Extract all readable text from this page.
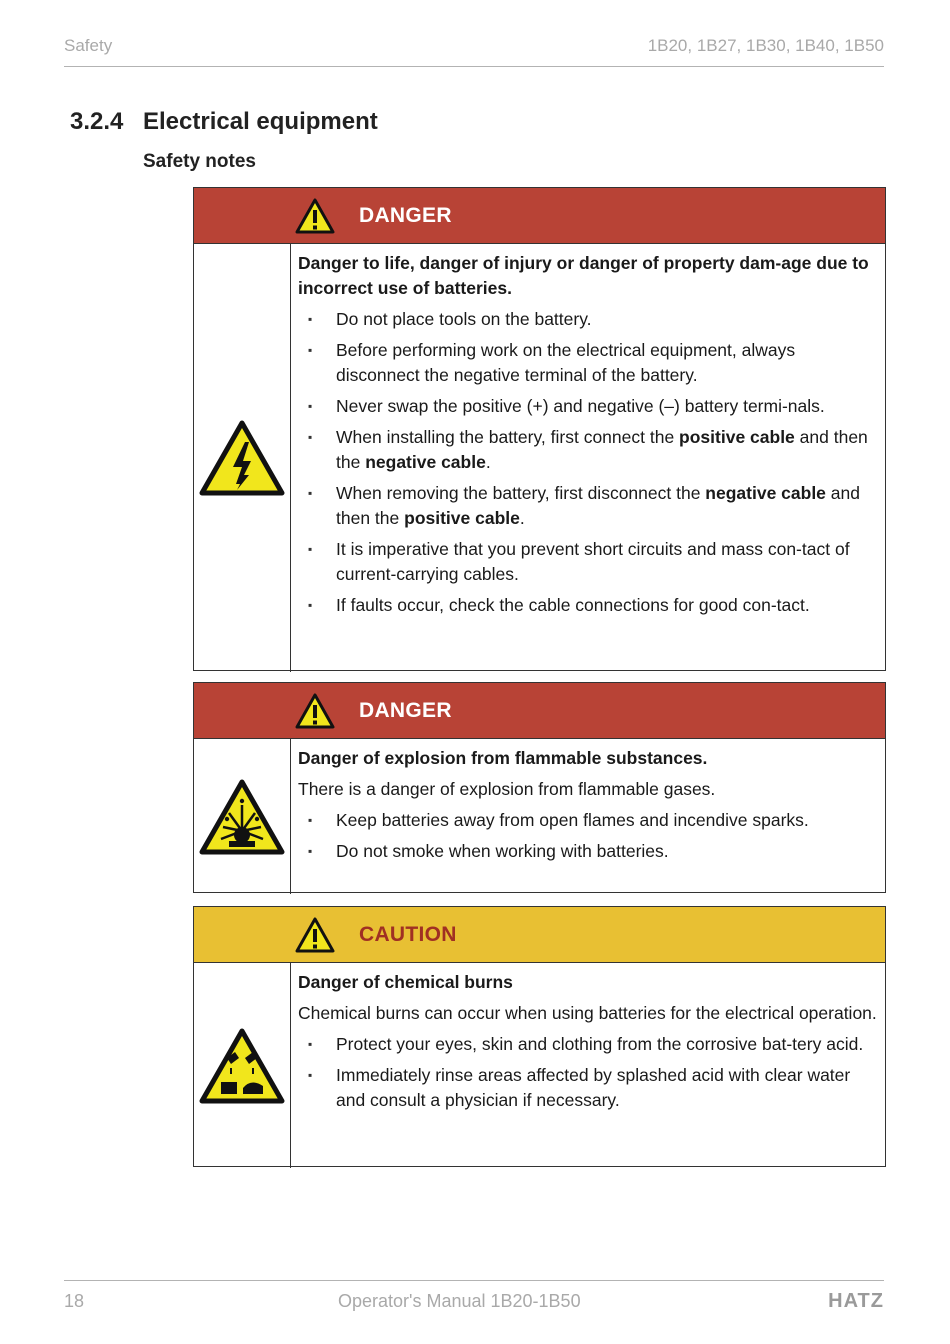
Safety	1B20, 1B27, 1B30, 1B40, 1B50
3.2.4 Electrical equipment
Safety notes
DANGER
Danger to life, danger of injury or danger of property dam-age due to incorrect use of batteries.
▪ Do not place tools on the battery.
▪ Before performing work on the electrical equipment, always disconnect the negative terminal of the battery.
▪ Never swap the positive (+) and negative (–) battery termi-nals.
▪ When installing the battery, first connect the positive cable and then the negative cable.
▪ When removing the battery, first disconnect the negative cable and then the positive cable.
▪ It is imperative that you prevent short circuits and mass con-tact of current-carrying cables.
▪ If faults occur, check the cable connections for good con-tact.
DANGER
Danger of explosion from flammable substances.
There is a danger of explosion from flammable gases.
▪ Keep batteries away from open flames and incendive sparks.
▪ Do not smoke when working with batteries.
CAUTION
Danger of chemical burns
Chemical burns can occur when using batteries for the electrical operation.
▪ Protect your eyes, skin and clothing from the corrosive bat-tery acid.
▪ Immediately rinse areas affected by splashed acid with clear water and consult a physician if necessary.
18	Operator's Manual 1B20-1B50	HATZ
